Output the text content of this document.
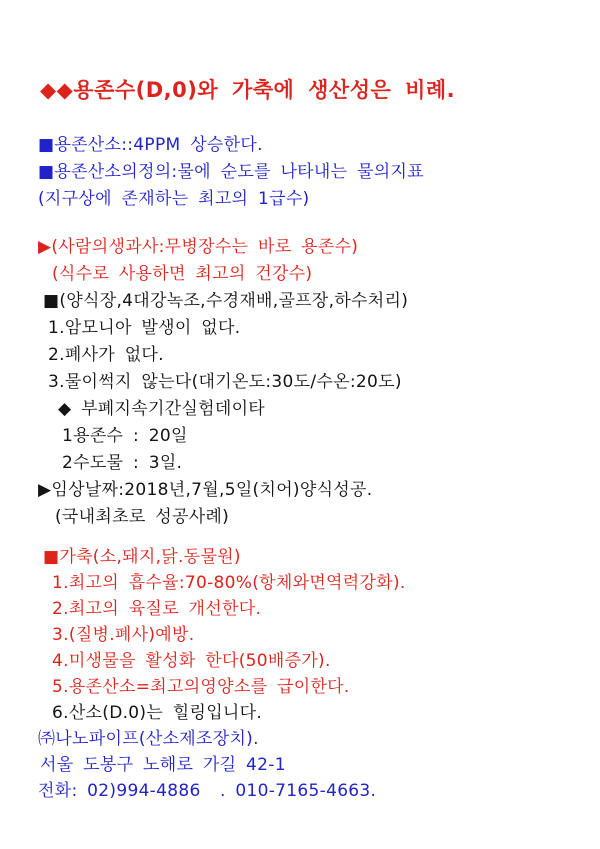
◆◆용존수(D,0)와 가축에 생산성은 비례.
■용존산소::4PPM 상승한다.
■용존산소의정의:물에 순도를 나타내는 물의지표
(지구상에 존재하는 최고의 1급수)
▶(사람의생과사:무병장수는 바로 용존수)
(식수로 사용하면 최고의 건강수)
■(양식장,4대강녹조,수경재배,골프장,하수처리)
1.암모니아 발생이 없다.
2.폐사가 없다.
3.물이썩지 않는다(대기온도:30도/수온:20도)
◆ 부폐지속기간실험데이타
1용존수 : 20일
2수도물 : 3일.
▶임상날짜:2018년,7월,5일(치어)양식성공.
(국내최초로 성공사례)
■가축(소,돼지,닭.동물원)
1.최고의 흡수율:70-80%(항체와면역력강화).
2.최고의 육질로 개선한다.
3.(질병.폐사)예방.
4.미생물을 활성화 한다(50배증가).
5.용존산소=최고의영양소를 급이한다.
6.산소(D.0)는 힐링입니다.
㈜나노파이프(산소제조장치).
서울 도봉구 노해로 가길 42-1
전화: 02)994-4886  . 010-7165-4663.
